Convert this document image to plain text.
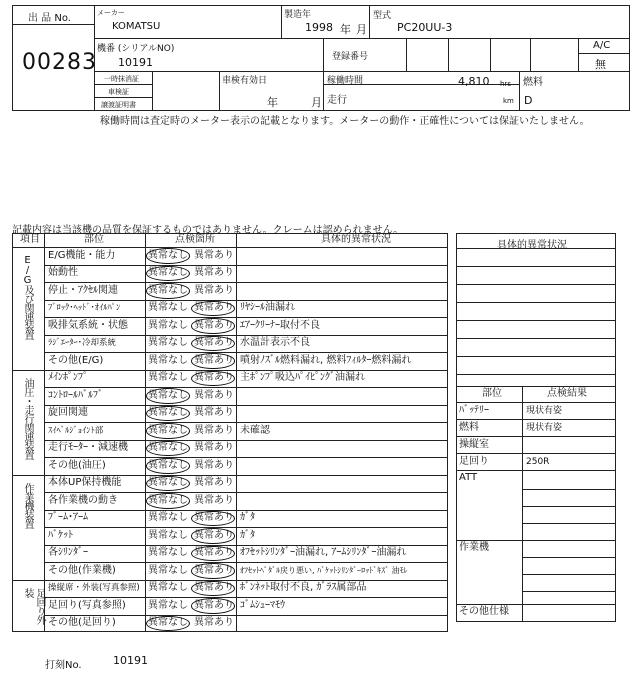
出 品 No.
00283
メーカー
KOMATSU
製造年
1998 年 月
型式
PC20UU-3
機番 (シリアルNO)
10191	登録番号
A/C
無
一時抹消証
車検証
譲渡証明書
車検有効日
年	月
稼働時間	4,810 hrs
走行	km
燃料
D
稼働時間は査定時のメーター表示の記載となります。メーターの動作・正確性については保証いたしません。
記載内容は当該機の品質を保証するものではありません。クレームは認められません。
項目	部位	点検箇所	具体的異常状況
E/G機能・能力	異常なし 異常あり
始動性	異常なし 異常あり
停止・ｱｸｾﾙ関連	異常なし 異常あり
ﾌﾞﾛｯｸ･ﾍｯﾄﾞ･ｵｲﾙﾊﾟﾝ	異常なし 異常あり ﾘﾔｼｰﾙ油漏れ
吸排気系統・状態 異常なし 異常あり ｴｱｰｸﾘｰﾅｰ取付不良
ﾗｼﾞｴｰﾀｰ･冷却系統	異常なし 異常あり 水温計表示不良
その他(E/G)	異常なし 異常あり 噴射ﾉｽﾞﾙ燃料漏れ, 燃料ﾌｨﾙﾀｰ燃料漏れ
E/G及び関連装置
ﾒｲﾝﾎﾟﾝﾌﾟ	異常なし 異常あり 主ﾎﾟﾝﾌﾟ吸込ﾊﾟｲﾋﾟﾝｸﾞ油漏れ
ｺﾝﾄﾛｰﾙﾊﾞﾙﾌﾞ	異常なし 異常あり
旋回関連	異常なし 異常あり
ｽｲﾍﾞﾙｼﾞｮｲﾝﾄ部	異常なし 異常あり 未確認
走行ﾓｰﾀｰ・減速機 異常なし 異常あり
その他(油圧)	異常なし 異常あり
油圧・走行関連装置
本体UP保持機能	異常なし 異常あり
各作業機の動き	異常なし 異常あり
ﾌﾞｰﾑ･ｱｰﾑ	異常なし 異常あり ｶﾞﾀ
ﾊﾞｹｯﾄ	異常なし 異常あり ｶﾞﾀ
各ｼﾘﾝﾀﾞｰ	異常なし 異常あり ｵﾌｾｯﾄｼﾘﾝﾀﾞｰ油漏れ, ｱｰﾑｼﾘﾝﾀﾞｰ油漏れ
その他(作業機)	異常なし 異常あり ｵﾌｾｯﾄﾍﾟﾀﾞﾙ戻り悪い, ﾊﾞｹｯﾄｼﾘﾝﾀﾞｰﾛｯﾄﾞｷｽﾞ 油ﾓﾚ
作業機装置
操縦席・外装(写真参照) 異常なし 異常あり ﾎﾞﾝﾈｯﾄ取付不良, ｶﾞﾗｽ属部品
足回り(写真参照) 異常なし 異常あり ｺﾞﾑｼｭｰﾏﾓｳ
その他(足回り)	異常なし 異常あり
足回り外装
具体的異常状況
部位	点検結果
ﾊﾞｯﾃﾘｰ	現状有姿
燃料	現状有姿
操縦室
足回り	250R
ATT
作業機
その他仕様
打刻No.	10191
